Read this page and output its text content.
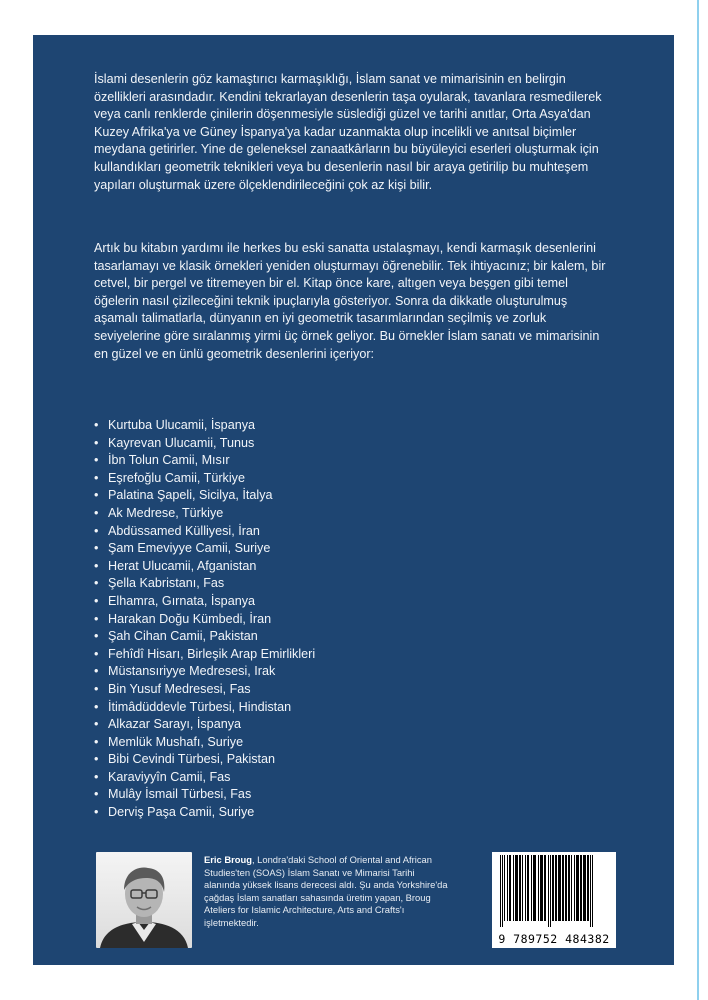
İslami desenlerin göz kamaştırıcı karmaşıklığı, İslam sanat ve mimarisinin en belirgin özellikleri arasındadır. Kendini tekrarlayan desenlerin taşa oyularak, tavanlara resmedilerek veya canlı renklerde çinilerin döşenmesiyle süslediği güzel ve tarihi anıtlar, Orta Asya'dan Kuzey Afrika'ya ve Güney İspanya'ya kadar uzanmakta olup incelikli ve anıtsal biçimler meydana getirirler. Yine de geleneksel zanaatkârların bu büyüleyici eserleri oluşturmak için kullandıkları geometrik teknikleri veya bu desenlerin nasıl bir araya getirilip bu muhteşem yapıları oluşturmak üzere ölçeklendirileceğini çok az kişi bilir.

Artık bu kitabın yardımı ile herkes bu eski sanatta ustalaşmayı, kendi karmaşık desenlerini tasarlamayı ve klasik örnekleri yeniden oluşturmayı öğrenebilir. Tek ihtiyacınız; bir kalem, bir cetvel, bir pergel ve titremeyen bir el. Kitap önce kare, altıgen veya beşgen gibi temel öğelerin nasıl çizileceğini teknik ipuçlarıyla gösteriyor. Sonra da dikkatle oluşturulmuş aşamalı talimatlarla, dünyanın en iyi geometrik tasarımlarından seçilmiş ve zorluk seviyelerine göre sıralanmış yirmi üç örnek geliyor. Bu örnekler İslam sanatı ve mimarisinin en güzel ve en ünlü geometrik desenlerini içeriyor:

• Kurtuba Ulucamii, İspanya
• Kayrevan Ulucamii, Tunus
• İbn Tolun Camii, Mısır
• Eşrefoğlu Camii, Türkiye
• Palatina Şapeli, Sicilya, İtalya
• Ak Medrese, Türkiye
• Abdüssamed Külliyesi, İran
• Şam Emeviyye Camii, Suriye
• Herat Ulucamii, Afganistan
• Şella Kabristanı, Fas
• Elhamra, Gırnata, İspanya
• Harakan Doğu Kümbedi, İran
• Şah Cihan Camii, Pakistan
• Fehîdî Hisarı, Birleşik Arap Emirlikleri
• Müstansıriyye Medresesi, Irak
• Bin Yusuf Medresesi, Fas
• İtimâdüddevle Türbesi, Hindistan
• Alkazar Sarayı, İspanya
• Memlük Mushafı, Suriye
• Bibi Cevindi Türbesi, Pakistan
• Karaviyyîn Camii, Fas
• Mulây İsmail Türbesi, Fas
• Derviş Paşa Camii, Suriye

Eric Broug, Londra'daki School of Oriental and African Studies'ten (SOAS) İslam Sanatı ve Mimarisi Tarihi alanında yüksek lisans derecesi aldı. Şu anda Yorkshire'da çağdaş İslam sanatları sahasında üretim yapan, Broug Ateliers for Islamic Architecture, Arts and Crafts'ı işletmektedir.

9 789752 484382
